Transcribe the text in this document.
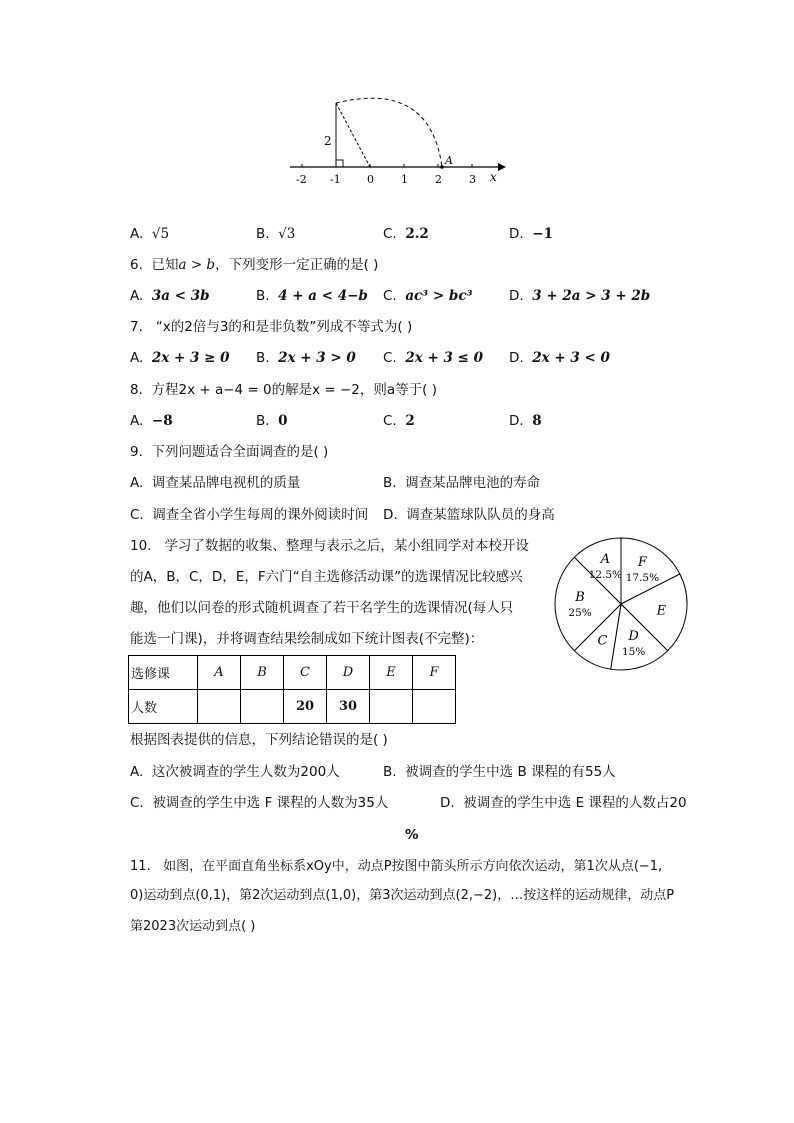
-2 -1 0 1 2 3
A
2
x
A. √5	B. √3	C. 2.2	D. −1
6. 已知a > b，下列变形一定正确的是( )
A. 3a < 3b	B. 4 + a < 4−b C. ac³ > bc³	D. 3 + 2a > 3 + 2b
7. “x的2倍与3的和是非负数”列成不等式为( )
A. 2x + 3 ≥ 0 B. 2x + 3 > 0 C. 2x + 3 ≤ 0 D. 2x + 3 < 0
8. 方程2x + a−4 = 0的解是x = −2，则a等于( )
A. −8	B. 0	C. 2	D. 8
9. 下列问题适合全面调查的是( )
A. 调查某品牌电视机的质量	B. 调查某品牌电池的寿命
C. 调查全省小学生每周的课外阅读时间 D. 调查某篮球队队员的身高
10. 学习了数据的收集、整理与表示之后，某小组同学对本校开设
的A，B，C，D，E，F六门“自主选修活动课”的选课情况比较感兴
趣，他们以问卷的形式随机调查了若干名学生的选课情况(每人只
能选一门课)，并将调查结果绘制成如下统计图表(不完整)：
A
12.5%
F
17.5%
E
D
15%
C
B
25%
选修课	A	B	C	D	E	F
人数			20	30		
根据图表提供的信息，下列结论错误的是( )
A. 这次被调查的学生人数为200人	B. 被调查的学生中选 B 课程的有55人
C. 被调查的学生中选 F 课程的人数为35人	D. 被调查的学生中选 E 课程的人数占20
%
11. 如图，在平面直角坐标系xOy中，动点P按图中箭头所示方向依次运动，第1次从点(−1,
0)运动到点(0,1)，第2次运动到点(1,0)，第3次运动到点(2,−2)，…按这样的运动规律，动点P
第2023次运动到点( )
